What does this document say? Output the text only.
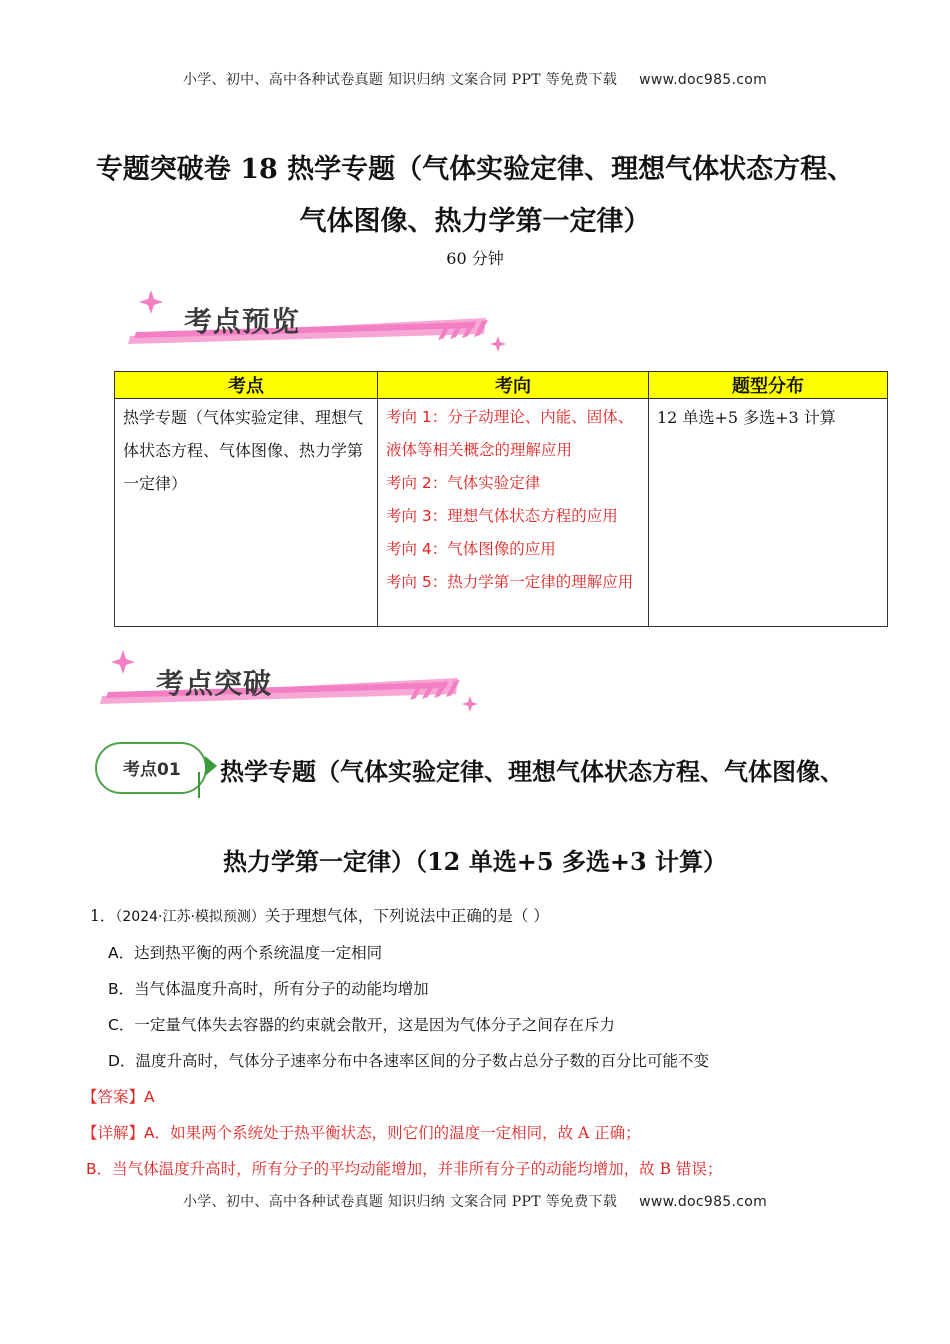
小学、初中、高中各种试卷真题 知识归纳 文案合同 PPT 等免费下载 www.doc985.com
专题突破卷 18 热学专题（气体实验定律、理想气体状态方程、
气体图像、热力学第一定律）
60 分钟
考点预览
考点	考向	题型分布
热学专题（气体实验定律、理想气体状态方程、气体图像、热力学第一定律）	考向 1：分子动理论、内能、固体、液体等相关概念的理解应用
考向 2：气体实验定律
考向 3：理想气体状态方程的应用
考向 4：气体图像的应用
考向 5：热力学第一定律的理解应用	12 单选+5 多选+3 计算
考点突破
考点01 热学专题（气体实验定律、理想气体状态方程、气体图像、
热力学第一定律）（12 单选+5 多选+3 计算）
1．（2024·江苏·模拟预测）关于理想气体，下列说法中正确的是（ ）
A．达到热平衡的两个系统温度一定相同
B．当气体温度升高时，所有分子的动能均增加
C．一定量气体失去容器的约束就会散开，这是因为气体分子之间存在斥力
D．温度升高时，气体分子速率分布中各速率区间的分子数占总分子数的百分比可能不变
【答案】A
【详解】A．如果两个系统处于热平衡状态，则它们的温度一定相同，故 A 正确；
B．当气体温度升高时，所有分子的平均动能增加，并非所有分子的动能均增加，故 B 错误；
小学、初中、高中各种试卷真题 知识归纳 文案合同 PPT 等免费下载 www.doc985.com
